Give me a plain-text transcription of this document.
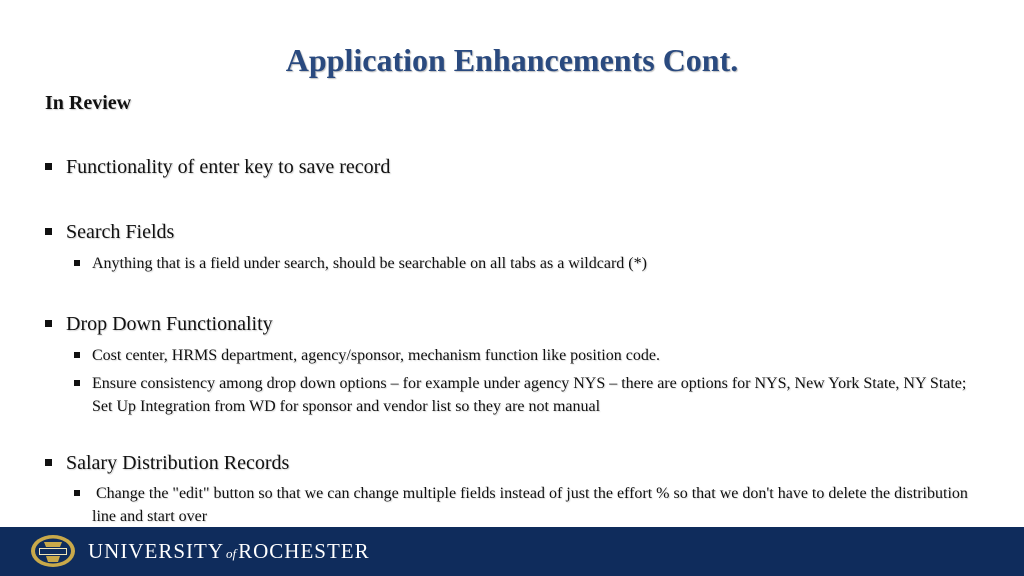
Application Enhancements Cont.
In Review
Functionality of enter key to save record
Search Fields
Anything that is a field under search, should be searchable on all tabs as a wildcard (*)
Drop Down Functionality
Cost center, HRMS department, agency/sponsor, mechanism function like position code.
Ensure consistency among drop down options – for example under agency NYS – there are options for NYS, New York State, NY State; Set Up Integration from WD for sponsor and vendor list so they are not manual
Salary Distribution Records
Change the "edit" button so that we can change multiple fields instead of just the effort % so that we don't have to delete the distribution line and start over
UNIVERSITY ofROCHESTER
